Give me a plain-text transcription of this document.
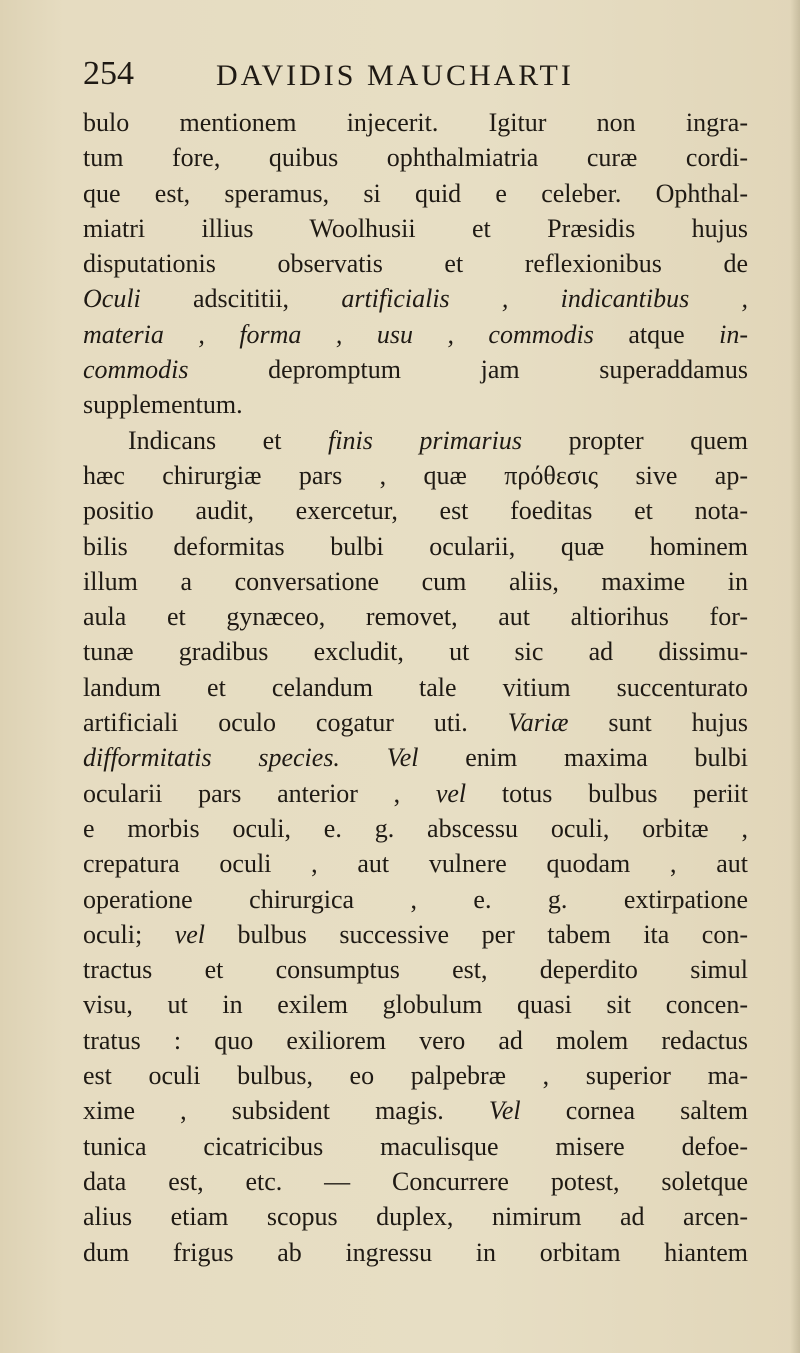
254	DAVIDIS MAUCHARTI
bulo mentionem injecerit. Igitur non ingra-
tum fore, quibus ophthalmiatria curæ cordi-
que est, speramus, si quid e celeber. Ophthal-
miatri illius Woolhusii et Præsidis hujus
disputationis observatis et reflexionibus de
Oculi adscititii, artificialis , indicantibus ,
materia , forma , usu , commodis atque in-
commodis depromptum jam superaddamus
supplementum.
Indicans et finis primarius propter quem
hæc chirurgiæ pars , quæ πρόθεσις sive ap-
positio audit, exercetur, est foeditas et nota-
bilis deformitas bulbi ocularii, quæ hominem
illum a conversatione cum aliis, maxime in
aula et gynæceo, removet, aut altiorihus for-
tunæ gradibus excludit, ut sic ad dissimu-
landum et celandum tale vitium succenturato
artificiali oculo cogatur uti. Variæ sunt hujus
difformitatis species. Vel enim maxima bulbi
ocularii pars anterior , vel totus bulbus periit
e morbis oculi, e. g. abscessu oculi, orbitæ ,
crepatura oculi , aut vulnere quodam , aut
operatione chirurgica , e. g. extirpatione
oculi; vel bulbus successive per tabem ita con-
tractus et consumptus est, deperdito simul
visu, ut in exilem globulum quasi sit concen-
tratus : quo exiliorem vero ad molem redactus
est oculi bulbus, eo palpebræ , superior ma-
xime , subsident magis. Vel cornea saltem
tunica cicatricibus maculisque misere defoe-
data est, etc. — Concurrere potest, soletque
alius etiam scopus duplex, nimirum ad arcen-
dum frigus ab ingressu in orbitam hiantem
